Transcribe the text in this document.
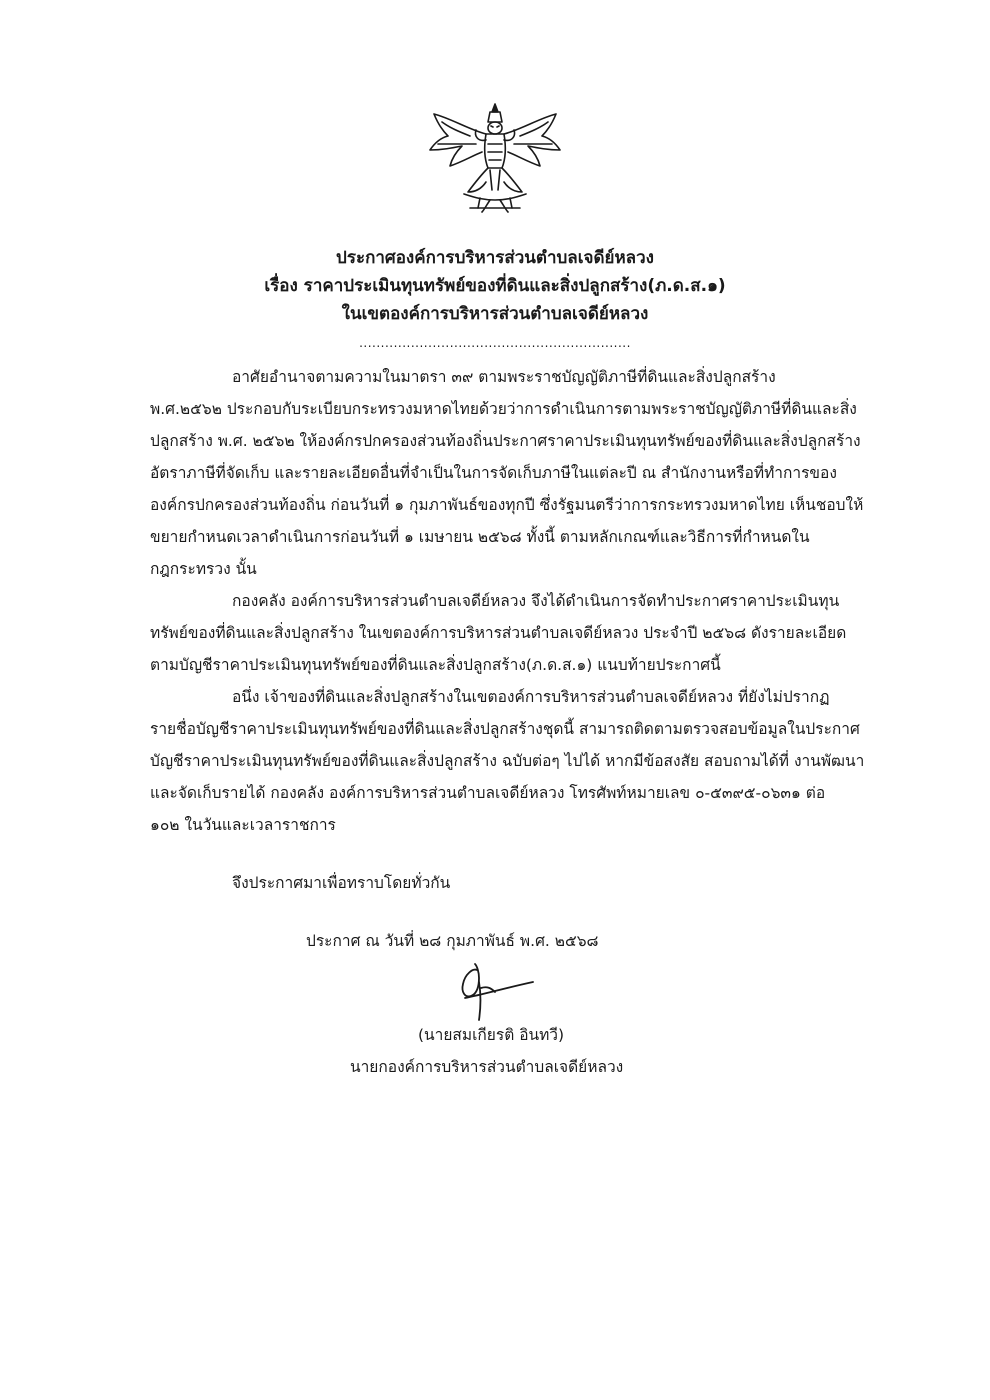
ประกาศองค์การบริหารส่วนตำบลเจดีย์หลวง
เรื่อง ราคาประเมินทุนทรัพย์ของที่ดินและสิ่งปลูกสร้าง(ภ.ด.ส.๑)
ในเขตองค์การบริหารส่วนตำบลเจดีย์หลวง
...............................................................
อาศัยอำนาจตามความในมาตรา ๓๙ ตามพระราชบัญญัติภาษีที่ดินและสิ่งปลูกสร้าง
พ.ศ.๒๕๖๒ ประกอบกับระเบียบกระทรวงมหาดไทยด้วยว่าการดำเนินการตามพระราชบัญญัติภาษีที่ดินและสิ่ง
ปลูกสร้าง พ.ศ. ๒๕๖๒ ให้องค์กรปกครองส่วนท้องถิ่นประกาศราคาประเมินทุนทรัพย์ของที่ดินและสิ่งปลูกสร้าง
อัตราภาษีที่จัดเก็บ และรายละเอียดอื่นที่จำเป็นในการจัดเก็บภาษีในแต่ละปี ณ สำนักงานหรือที่ทำการของ
องค์กรปกครองส่วนท้องถิ่น ก่อนวันที่ ๑ กุมภาพันธ์ของทุกปี ซึ่งรัฐมนตรีว่าการกระทรวงมหาดไทย เห็นชอบให้
ขยายกำหนดเวลาดำเนินการก่อนวันที่ ๑ เมษายน ๒๕๖๘ ทั้งนี้ ตามหลักเกณฑ์และวิธีการที่กำหนดใน
กฎกระทรวง นั้น
กองคลัง องค์การบริหารส่วนตำบลเจดีย์หลวง จึงได้ดำเนินการจัดทำประกาศราคาประเมินทุน
ทรัพย์ของที่ดินและสิ่งปลูกสร้าง ในเขตองค์การบริหารส่วนตำบลเจดีย์หลวง ประจำปี ๒๕๖๘ ดังรายละเอียด
ตามบัญชีราคาประเมินทุนทรัพย์ของที่ดินและสิ่งปลูกสร้าง(ภ.ด.ส.๑) แนบท้ายประกาศนี้
อนึ่ง เจ้าของที่ดินและสิ่งปลูกสร้างในเขตองค์การบริหารส่วนตำบลเจดีย์หลวง ที่ยังไม่ปรากฏ
รายชื่อบัญชีราคาประเมินทุนทรัพย์ของที่ดินและสิ่งปลูกสร้างชุดนี้ สามารถติดตามตรวจสอบข้อมูลในประกาศ
บัญชีราคาประเมินทุนทรัพย์ของที่ดินและสิ่งปลูกสร้าง ฉบับต่อๆ ไปได้ หากมีข้อสงสัย สอบถามได้ที่ งานพัฒนา
และจัดเก็บรายได้ กองคลัง องค์การบริหารส่วนตำบลเจดีย์หลวง โทรศัพท์หมายเลข ๐-๕๓๙๕-๐๖๓๑ ต่อ
๑๐๒ ในวันและเวลาราชการ
จึงประกาศมาเพื่อทราบโดยทั่วกัน
ประกาศ ณ วันที่ ๒๘ กุมภาพันธ์ พ.ศ. ๒๕๖๘
(นายสมเกียรติ อินทวี)
นายกองค์การบริหารส่วนตำบลเจดีย์หลวง
